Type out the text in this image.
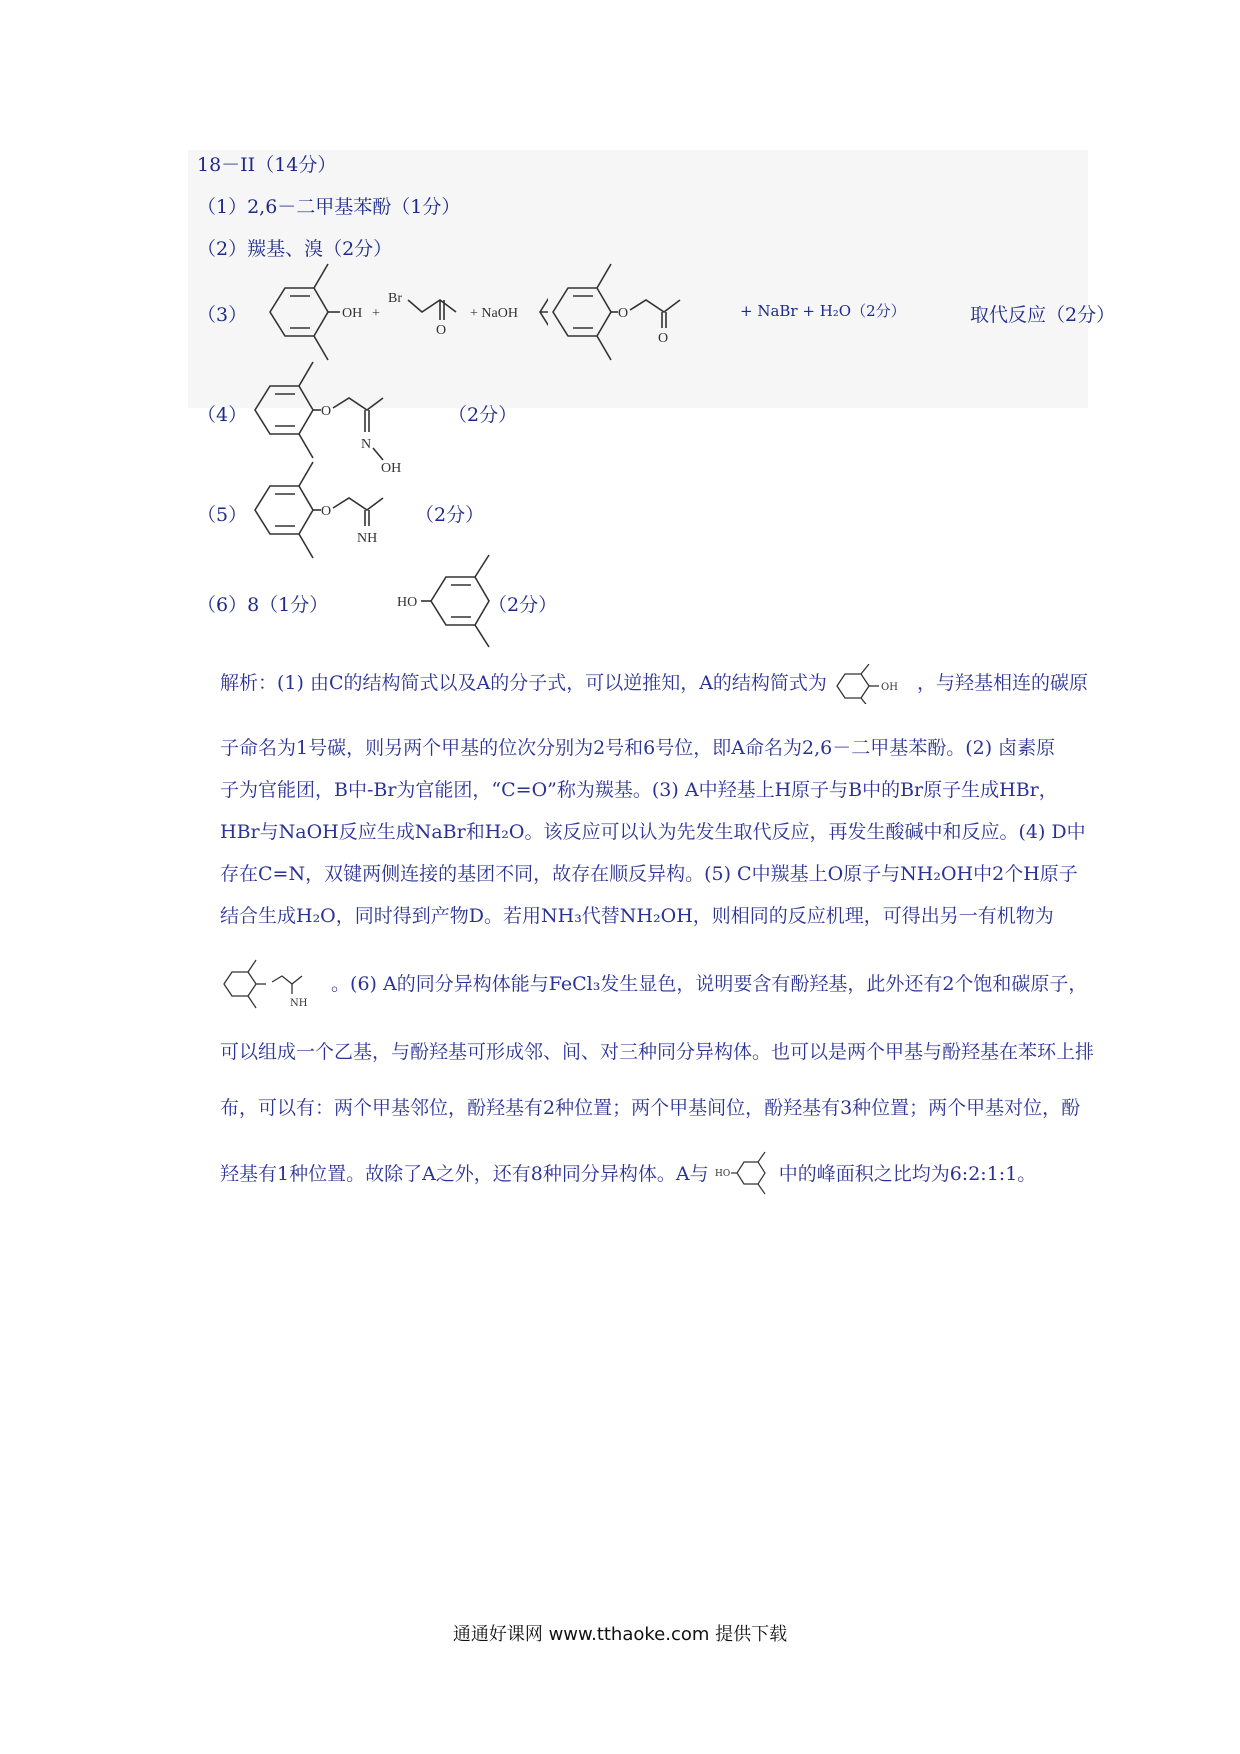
18－II（14分）
（1）2,6－二甲基苯酚（1分）
（2）羰基、溴（2分）
（3）	OH +
Br
O
+ NaOH	O
O
+ NaBr + H₂O（2分）	取代反应（2分）
（4）	O
N
OH
（2分）
（5）	O
NH
（2分）
（6）8（1分）	HO	（2分）
解析：(1) 由C的结构简式以及A的分子式，可以逆推知，A的结构简式为	OH ，与羟基相连的碳原
子命名为1号碳，则另两个甲基的位次分别为2号和6号位，即A命名为2,6－二甲基苯酚。(2) 卤素原
子为官能团，B中-Br为官能团，“C=O”称为羰基。(3) A中羟基上H原子与B中的Br原子生成HBr，
HBr与NaOH反应生成NaBr和H₂O。该反应可以认为先发生取代反应，再发生酸碱中和反应。(4) D中
存在C=N，双键两侧连接的基团不同，故存在顺反异构。(5) C中羰基上O原子与NH₂OH中2个H原子
结合生成H₂O，同时得到产物D。若用NH₃代替NH₂OH，则相同的反应机理，可得出另一有机物为
NH
。(6) A的同分异构体能与FeCl₃发生显色，说明要含有酚羟基，此外还有2个饱和碳原子，
可以组成一个乙基，与酚羟基可形成邻、间、对三种同分异构体。也可以是两个甲基与酚羟基在苯环上排
布，可以有：两个甲基邻位，酚羟基有2种位置；两个甲基间位，酚羟基有3种位置；两个甲基对位，酚
羟基有1种位置。故除了A之外，还有8种同分异构体。A与 HO	中的峰面积之比均为6:2:1:1。
通通好课网 www.tthaoke.com 提供下载
